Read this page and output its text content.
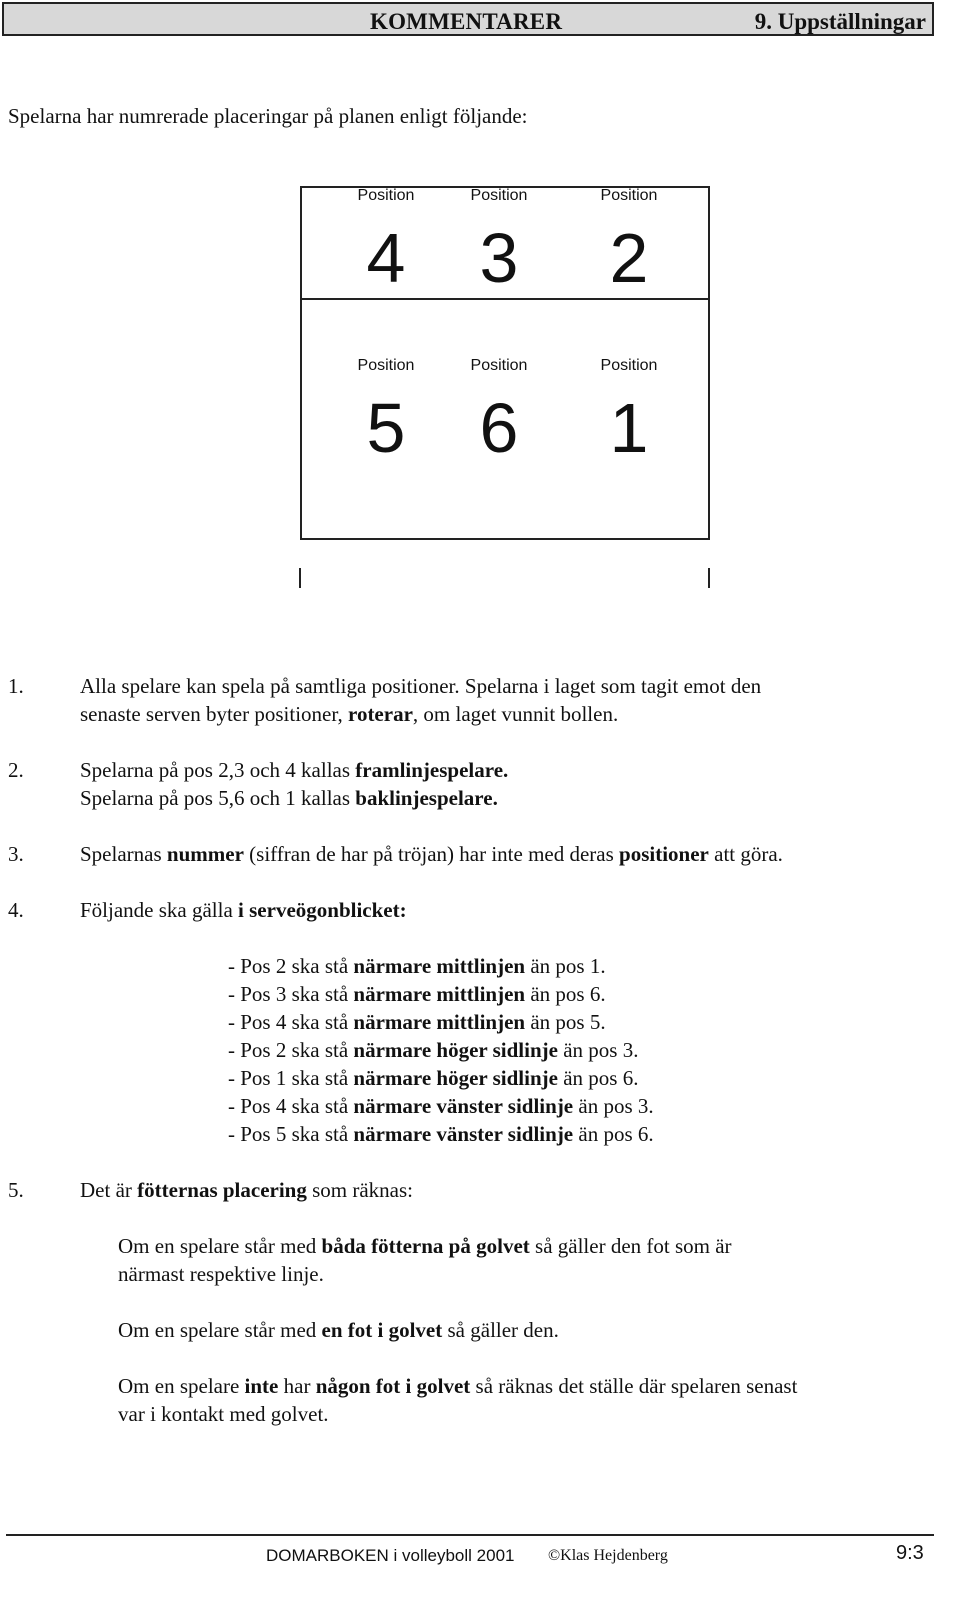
KOMMENTARER	9. Uppställningar
Spelarna har numrerade placeringar på planen enligt följande:
Position	Position	Position
4	3	2
Position	Position	Position
5	6	1
1.	Alla spelare kan spela på samtliga positioner. Spelarna i laget som tagit emot den
senaste serven byter positioner, roterar, om laget vunnit bollen.
2.	Spelarna på pos 2,3 och 4 kallas framlinjespelare.
Spelarna på pos 5,6 och 1 kallas baklinjespelare.
3.	Spelarnas nummer (siffran de har på tröjan) har inte med deras positioner att göra.
4.	Följande ska gälla i serveögonblicket:
- Pos 2 ska stå närmare mittlinjen än pos 1.
- Pos 3 ska stå närmare mittlinjen än pos 6.
- Pos 4 ska stå närmare mittlinjen än pos 5.
- Pos 2 ska stå närmare höger sidlinje än pos 3.
- Pos 1 ska stå närmare höger sidlinje än pos 6.
- Pos 4 ska stå närmare vänster sidlinje än pos 3.
- Pos 5 ska stå närmare vänster sidlinje än pos 6.
5.	Det är fötternas placering som räknas:
Om en spelare står med båda fötterna på golvet så gäller den fot som är
närmast respektive linje.
Om en spelare står med en fot i golvet så gäller den.
Om en spelare inte har någon fot i golvet så räknas det ställe där spelaren senast
var i kontakt med golvet.
DOMARBOKEN i volleyboll 2001 ©Klas Hejdenberg	9:3
